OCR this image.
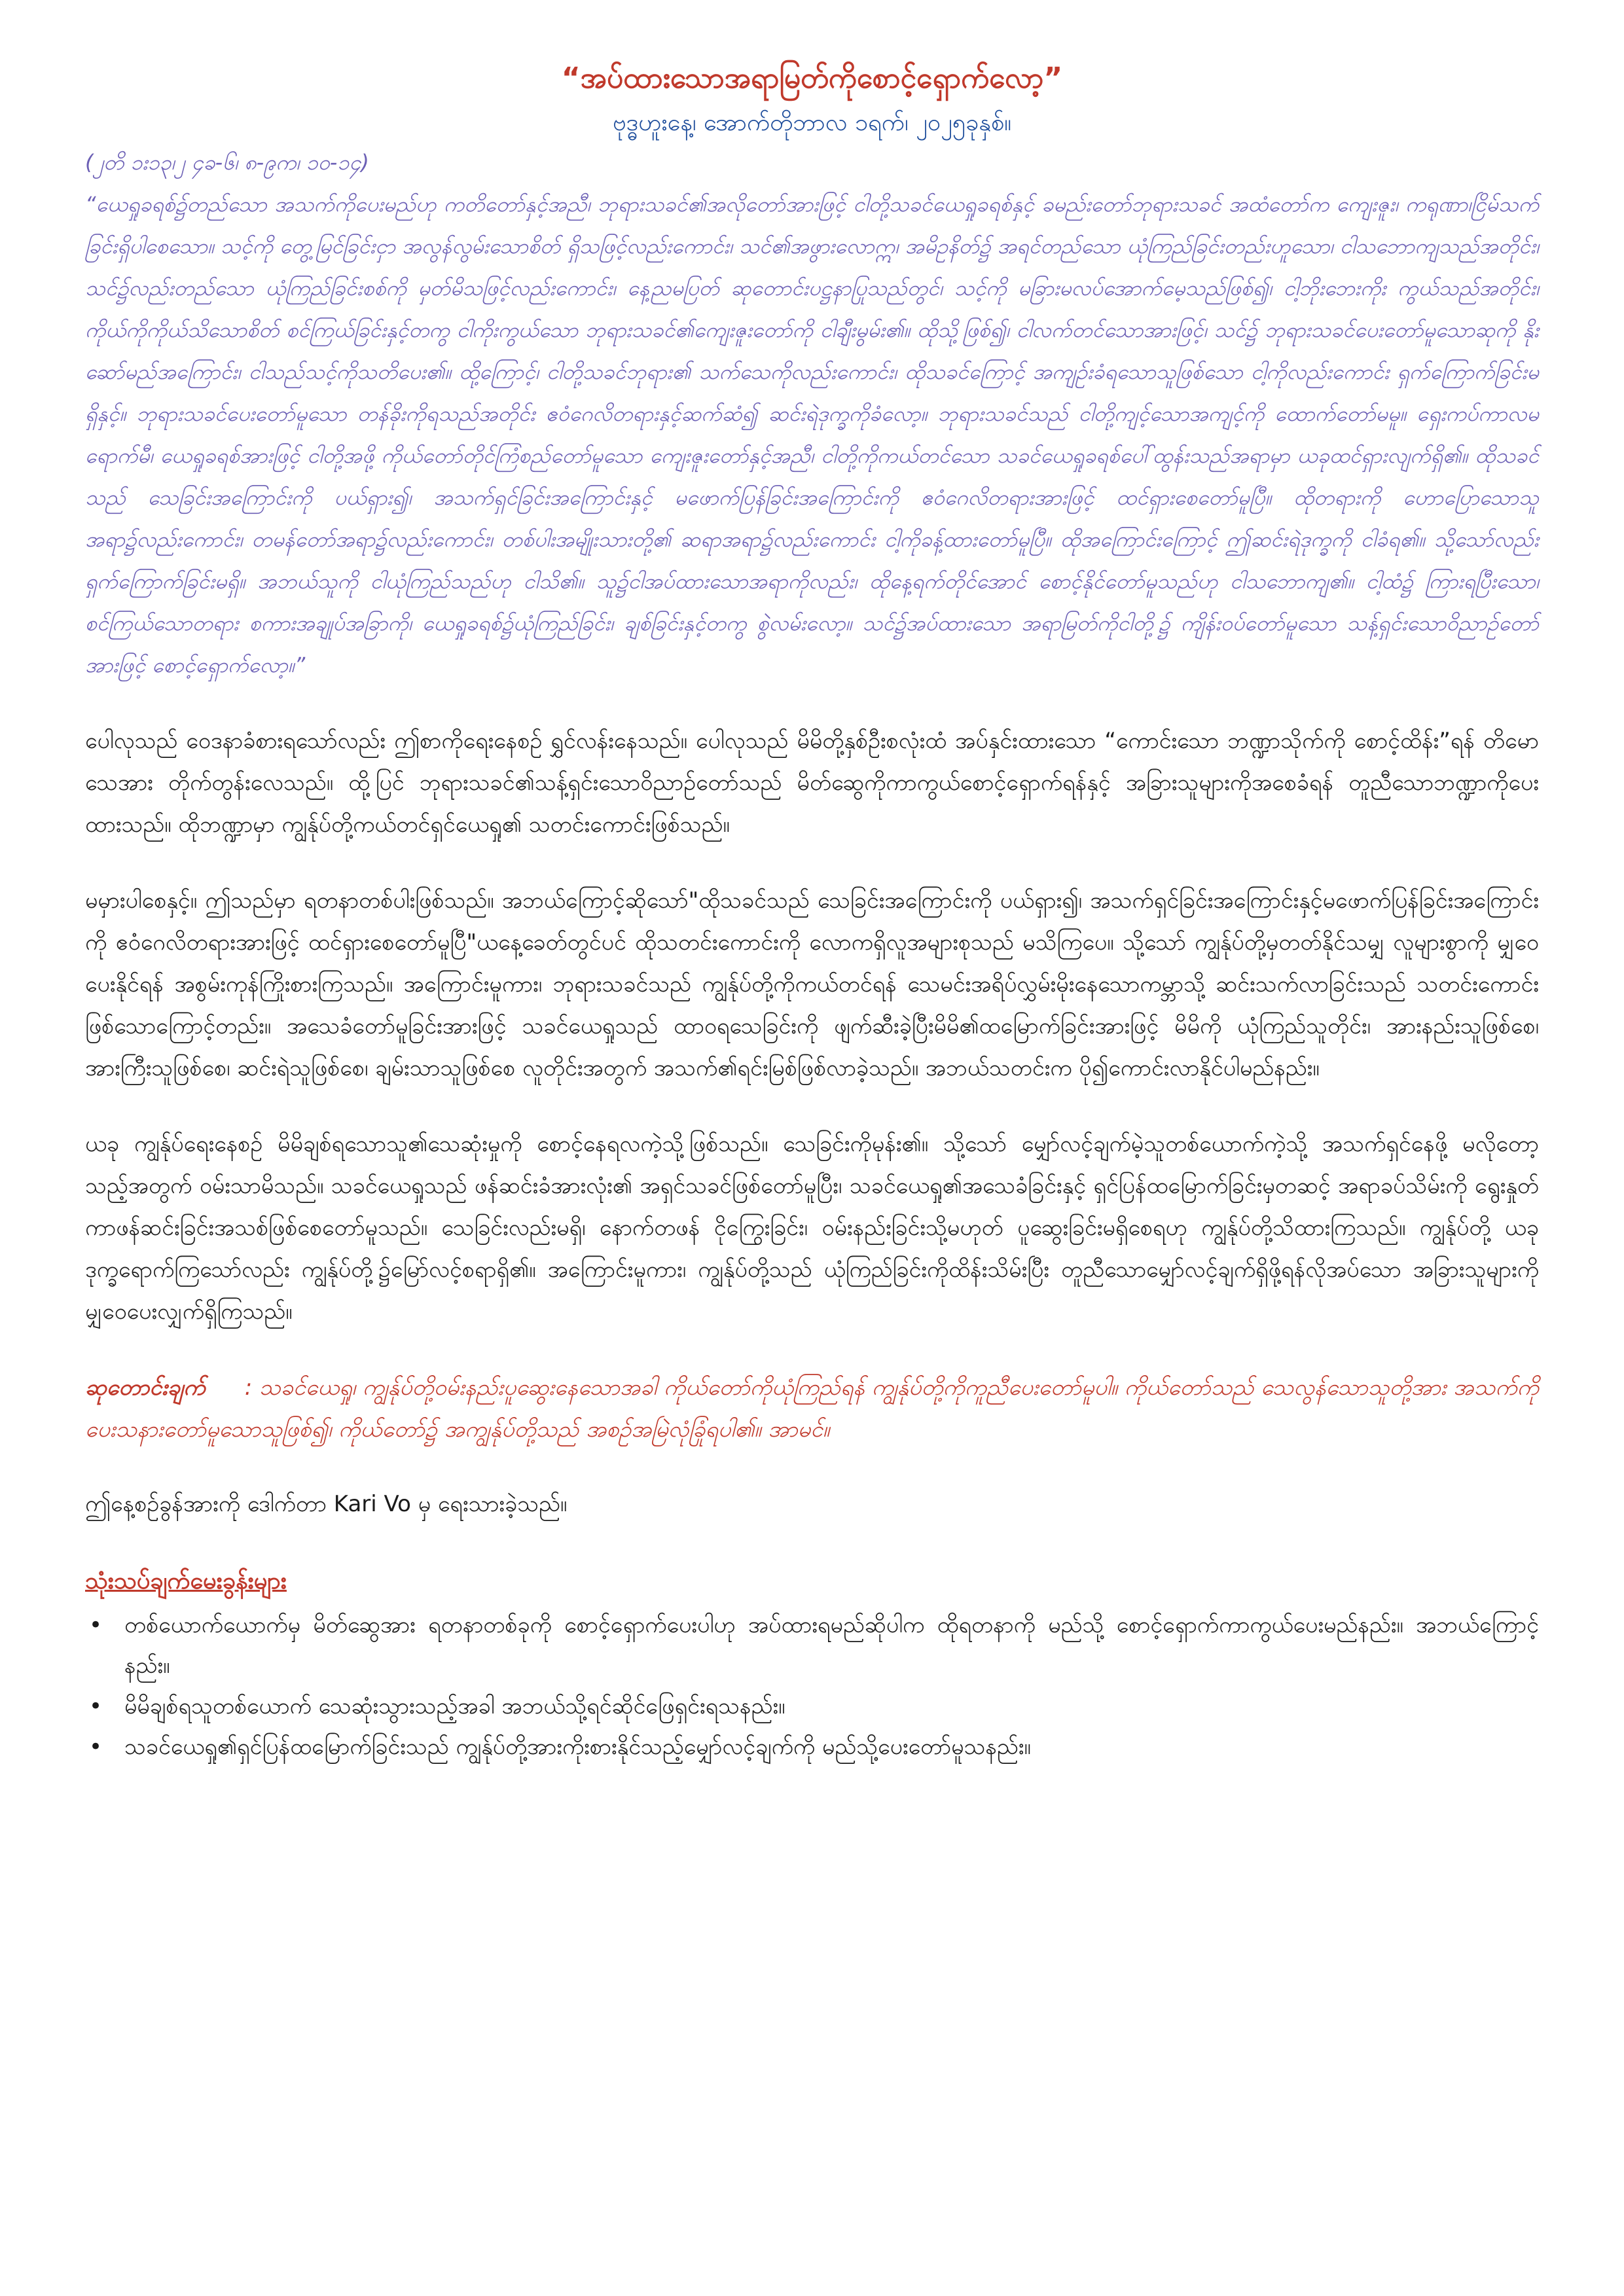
“အပ်ထားသောအရာမြတ်ကိုစောင့်ရှောက်လော့”

ဗုဒ္ဓဟူးနေ့၊ အောက်တိုဘာလ ၁ရက်၊ ၂၀၂၅ခုနှစ်။

(၂တိ ၁း၁၃၊၂ ၄ခ-၆၊ ၈-၉က၊ ၁၀-၁၄)
“ယေရှုခရစ်၌တည်သော အသက်ကိုပေးမည်ဟု ကတိတော်နှင့်အညီ၊ ဘုရားသခင်၏အလိုတော်အားဖြင့် ငါတို့သခင်ယေရှုခရစ်နှင့် ခမည်းတော်ဘုရားသခင် အထံတော်က ကျေးဇူး၊ ကရုဏာ၊ငြိမ်သက်ခြင်းရှိပါစေသော။ သင့်ကို တွေ့မြင်ခြင်းငှာ အလွန်လွမ်းသောစိတ် ရှိသဖြင့်လည်းကောင်း၊ သင်၏အဖွားလောဣ၊ အမိဥနိတ်၌ အရင်တည်သော ယုံကြည်ခြင်းတည်းဟူသော၊ ငါသဘောကျသည်အတိုင်း၊ သင်၌လည်းတည်သော ယုံကြည်ခြင်းစစ်ကို မှတ်မိသဖြင့်လည်းကောင်း၊ နေ့ညမပြတ် ဆုတောင်းပဋ္ဌနာပြုသည်တွင်၊ သင့်ကို မခြားမလပ်အောက်မေ့သည်ဖြစ်၍၊ ငါ့ဘိုးဘေးကိုး ကွယ်သည်အတိုင်း၊ ကိုယ်ကိုကိုယ်သိသောစိတ် စင်ကြယ်ခြင်းနှင့်တကွ ငါကိုးကွယ်သော ဘုရားသခင်၏ကျေးဇူးတော်ကို ငါချီးမွမ်း၏။ ထိုသို့ဖြစ်၍၊ ငါလက်တင်သောအားဖြင့်၊ သင်၌ ဘုရားသခင်ပေးတော်မူသောဆုကို နိုးဆော်မည်အကြောင်း၊ ငါသည်သင့်ကိုသတိပေး၏။ ထို့ကြောင့်၊ ငါတို့သခင်ဘုရား၏ သက်သေကိုလည်းကောင်း၊ ထိုသခင်ကြောင့် အကျဉ်းခံရသောသူဖြစ်သော ငါ့ကိုလည်းကောင်း ရှက်ကြောက်ခြင်းမရှိနှင့်။ ဘုရားသခင်ပေးတော်မူသော တန်ခိုးကိုရသည်အတိုင်း ဧဝံဂေလိတရားနှင့်ဆက်ဆံ၍ ဆင်းရဲဒုက္ခကိုခံလော့။ ဘုရားသခင်သည် ငါတို့ကျင့်သောအကျင့်ကို ထောက်တော်မမူ။ ရှေးကပ်ကာလမရောက်မီ၊ ယေရှုခရစ်အားဖြင့် ငါတို့အဖို့ ကိုယ်တော်တိုင်ကြံစည်တော်မူသော ကျေးဇူးတော်နှင့်အညီ၊ ငါတို့ကိုကယ်တင်သော သခင်ယေရှုခရစ်ပေါ်ထွန်းသည်အရာမှာ ယခုထင်ရှားလျက်ရှိ၏။ ထိုသခင်သည် သေခြင်းအကြောင်းကို ပယ်ရှား၍၊ အသက်ရှင်ခြင်းအကြောင်းနှင့် မဖောက်ပြန်ခြင်းအကြောင်းကို ဧဝံဂေလိတရားအားဖြင့် ထင်ရှားစေတော်မူပြီ။ ထိုတရားကို ဟောပြောသောသူအရာ၌လည်းကောင်း၊ တမန်တော်အရာ၌လည်းကောင်း၊ တစ်ပါးအမျိုးသားတို့၏ ဆရာအရာ၌လည်းကောင်း ငါ့ကိုခန့်ထားတော်မူပြီ။ ထိုအကြောင်းကြောင့် ဤဆင်းရဲဒုက္ခကို ငါခံရ၏။ သို့သော်လည်း ရှက်ကြောက်ခြင်းမရှိ။ အဘယ်သူကို ငါယုံကြည်သည်ဟု ငါသိ၏။ သူ၌ငါအပ်ထားသောအရာကိုလည်း၊ ထိုနေ့ရက်တိုင်အောင် စောင့်နိုင်တော်မူသည်ဟု ငါသဘောကျ၏။ ငါ့ထံ၌ ကြားရပြီးသော၊ စင်ကြယ်သောတရား စကားအချုပ်အခြာကို၊ ယေရှုခရစ်၌ယုံကြည်ခြင်း၊ ချစ်ခြင်းနှင့်တကွ စွဲလမ်းလော့။ သင်၌အပ်ထားသော အရာမြတ်ကိုငါတို့၌ ကျိန်းဝပ်တော်မူသော သန့်ရှင်းသောဝိညာဉ်တော်အားဖြင့် စောင့်ရှောက်လော့။”

ပေါလုသည် ဝေဒနာခံစားရသော်လည်း ဤစာကိုရေးနေစဉ် ရွှင်လန်းနေသည်။ ပေါလုသည် မိမိတို့နှစ်ဦးစလုံးထံ အပ်နှင်းထားသော “ကောင်းသော ဘဏ္ဍာသိုက်ကို စောင့်ထိန်း”ရန် တိမောသေအား တိုက်တွန်းလေသည်။ ထို့ပြင် ဘုရားသခင်၏သန့်ရှင်းသောဝိညာဉ်တော်သည် မိတ်ဆွေကိုကာကွယ်စောင့်ရှောက်ရန်နှင့် အခြားသူများကိုအစေခံရန် တူညီသောဘဏ္ဍာကိုပေးထားသည်။ ထိုဘဏ္ဍာမှာ ကျွန်ုပ်တို့ကယ်တင်ရှင်ယေရှု၏ သတင်းကောင်းဖြစ်သည်။

မမှားပါစေနှင့်။ ဤသည်မှာ ရတနာတစ်ပါးဖြစ်သည်။ အဘယ်ကြောင့်ဆိုသော်"ထိုသခင်သည် သေခြင်းအကြောင်းကို ပယ်ရှား၍၊ အသက်ရှင်ခြင်းအကြောင်းနှင့်မဖောက်ပြန်ခြင်းအကြောင်းကို ဧဝံဂေလိတရားအားဖြင့် ထင်ရှားစေတော်မူပြီ"ယနေ့ခေတ်တွင်ပင် ထိုသတင်းကောင်းကို လောကရှိလူအများစုသည် မသိကြပေ။ သို့သော် ကျွန်ုပ်တို့မှတတ်နိုင်သမျှ လူများစွာကို မျှဝေပေးနိုင်ရန် အစွမ်းကုန်ကြိုးစားကြသည်။ အကြောင်းမူကား၊ ဘုရားသခင်သည် ကျွန်ုပ်တို့ကိုကယ်တင်ရန် သေမင်းအရိပ်လွှမ်းမိုးနေသောကမ္ဘာသို့ ဆင်းသက်လာခြင်းသည် သတင်းကောင်း ဖြစ်သောကြောင့်တည်း။ အသေခံတော်မူခြင်းအားဖြင့် သခင်ယေရှုသည် ထာဝရသေခြင်းကို ဖျက်ဆီးခဲ့ပြီးမိမိ၏ထမြောက်ခြင်းအားဖြင့် မိမိကို ယုံကြည်သူတိုင်း၊ အားနည်းသူဖြစ်စေ၊ အားကြီးသူဖြစ်စေ၊ ဆင်းရဲသူဖြစ်စေ၊ ချမ်းသာသူဖြစ်စေ လူတိုင်းအတွက် အသက်၏ရင်းမြစ်ဖြစ်လာခဲ့သည်။ အဘယ်သတင်းက ပို၍ကောင်းလာနိုင်ပါမည်နည်း။

ယခု ကျွန်ုပ်ရေးနေစဉ် မိမိချစ်ရသောသူ၏သေဆုံးမှုကို စောင့်နေရလကဲ့သို့ဖြစ်သည်။ သေခြင်းကိုမုန်း၏။ သို့သော် မျှော်လင့်ချက်မဲ့သူတစ်ယောက်ကဲ့သို့ အသက်ရှင်နေဖို့ မလိုတော့သည့်အတွက် ဝမ်းသာမိသည်။ သခင်ယေရှုသည် ဖန်ဆင်းခံအားလုံး၏ အရှင်သခင်ဖြစ်တော်မူပြီး၊ သခင်ယေရှု၏အသေခံခြင်းနှင့် ရှင်ပြန်ထမြောက်ခြင်းမှတဆင့် အရာခပ်သိမ်းကို ရွေးနှုတ်ကာဖန်ဆင်းခြင်းအသစ်ဖြစ်စေတော်မူသည်။ သေခြင်းလည်းမရှိ၊ နောက်တဖန် ငိုကြွေးခြင်း၊ ဝမ်းနည်းခြင်းသို့မဟုတ် ပူဆွေးခြင်းမရှိစေရဟု ကျွန်ုပ်တို့သိထားကြသည်။ ကျွန်ုပ်တို့ ယခု ဒုက္ခရောက်ကြသော်လည်း ကျွန်ုပ်တို့၌မြော်လင့်စရာရှိ၏။ အကြောင်းမူကား၊ ကျွန်ုပ်တို့သည် ယုံကြည်ခြင်းကိုထိန်းသိမ်းပြီး တူညီသောမျှော်လင့်ချက်ရှိဖို့ရန်လိုအပ်သော အခြားသူများကို မျှဝေပေးလျှက်ရှိကြသည်။

ဆုတောင်းချက် : သခင်ယေရှု၊ ကျွန်ုပ်တို့ဝမ်းနည်းပူဆွေးနေသောအခါ ကိုယ်တော်ကိုယုံကြည်ရန် ကျွန်ုပ်တို့ကိုကူညီပေးတော်မူပါ။ ကိုယ်တော်သည် သေလွန်သောသူတို့အား အသက်ကို ပေးသနားတော်မူသောသူဖြစ်၍၊ ကိုယ်တော်၌ အကျွန်ုပ်တို့သည် အစဉ်အမြဲလုံခြုံရပါ၏။ အာမင်။

ဤနေ့စဉ်ခွန်အားကို ဒေါက်တာ Kari Vo မှ ရေးသားခဲ့သည်။

သုံးသပ်ချက်မေးခွန်းများ
• တစ်ယောက်ယောက်မှ မိတ်ဆွေအား ရတနာတစ်ခုကို စောင့်ရှောက်ပေးပါဟု အပ်ထားရမည်ဆိုပါက ထိုရတနာကို မည်သို့ စောင့်ရှောက်ကာကွယ်ပေးမည်နည်း။ အဘယ်ကြောင့်နည်း။
• မိမိချစ်ရသူတစ်ယောက် သေဆုံးသွားသည့်အခါ အဘယ်သို့ရင်ဆိုင်ဖြေရှင်းရသနည်း။
• သခင်ယေရှု၏ရှင်ပြန်ထမြောက်ခြင်းသည် ကျွန်ုပ်တို့အားကိုးစားနိုင်သည့်မျှော်လင့်ချက်ကို မည်သို့ပေးတော်မူသနည်း။
